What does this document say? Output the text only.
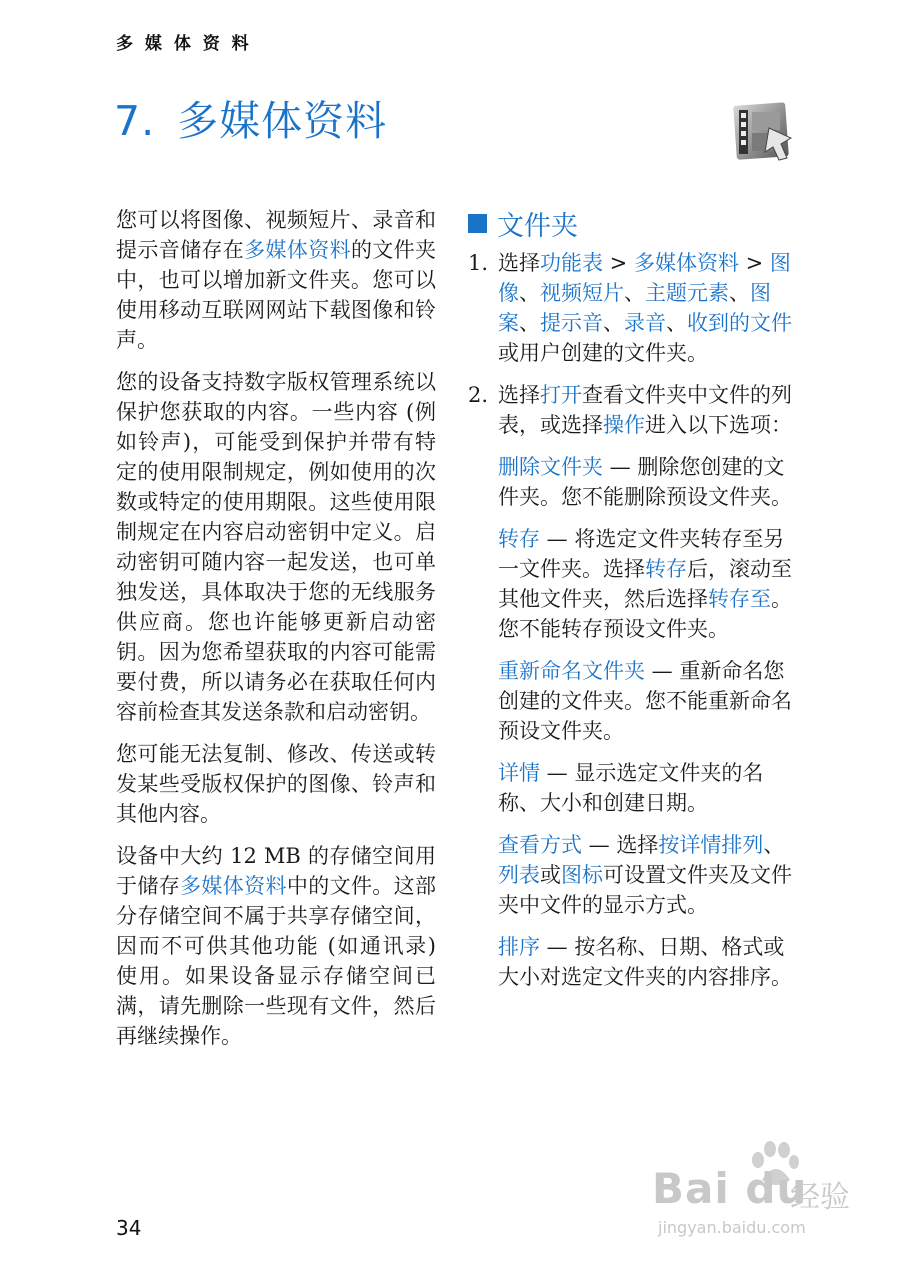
多 媒 体 资 料
7. 多媒体资料

您可以将图像、视频短片、录音和提示音储存在多媒体资料的文件夹中，也可以增加新文件夹。您可以使用移动互联网网站下载图像和铃声。

您的设备支持数字版权管理系统以保护您获取的内容。一些内容 (例如铃声)，可能受到保护并带有特定的使用限制规定，例如使用的次数或特定的使用期限。这些使用限制规定在内容启动密钥中定义。启动密钥可随内容一起发送，也可单独发送，具体取决于您的无线服务供应商。您也许能够更新启动密钥。因为您希望获取的内容可能需要付费，所以请务必在获取任何内容前检查其发送条款和启动密钥。

您可能无法复制、修改、传送或转发某些受版权保护的图像、铃声和其他内容。

设备中大约 12 MB 的存储空间用于储存多媒体资料中的文件。这部分存储空间不属于共享存储空间，因而不可供其他功能 (如通讯录) 使用。如果设备显示存储空间已满，请先删除一些现有文件，然后再继续操作。

文件夹
1. 选择功能表 > 多媒体资料 > 图像、视频短片、主题元素、图案、提示音、录音、收到的文件或用户创建的文件夹。
2. 选择打开查看文件夹中文件的列表，或选择操作进入以下选项：
删除文件夹 — 删除您创建的文件夹。您不能删除预设文件夹。
转存 — 将选定文件夹转存至另一文件夹。选择转存后，滚动至其他文件夹，然后选择转存至。您不能转存预设文件夹。
重新命名文件夹 — 重新命名您创建的文件夹。您不能重新命名预设文件夹。
详情 — 显示选定文件夹的名称、大小和创建日期。
查看方式 — 选择按详情排列、列表或图标可设置文件夹及文件夹中文件的显示方式。
排序 — 按名称、日期、格式或大小对选定文件夹的内容排序。
34
Bai du
经验
jingyan.baidu.com
